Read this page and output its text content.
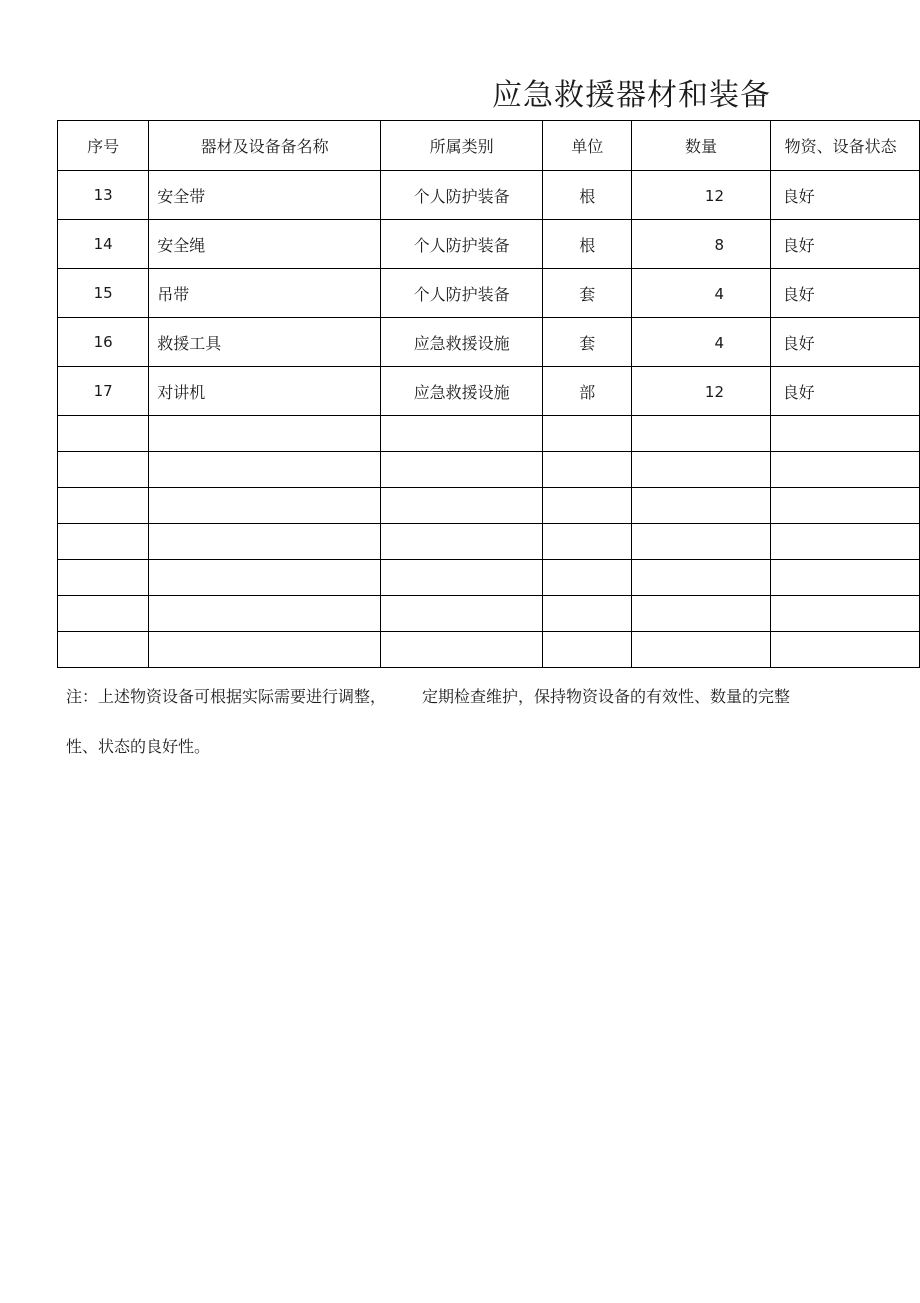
应急救援器材和装备
序号	器材及设备备名称	所属类别	单位	数量	物资、设备状态
13	安全带	个人防护装备	根	12	良好
14	安全绳	个人防护装备	根	8	良好
15	吊带	个人防护装备	套	4	良好
16	救援工具	应急救援设施	套	4	良好
17	对讲机	应急救援设施	部	12	良好

注：上述物资设备可根据实际需要进行调整， 定期检查维护，保持物资设备的有效性、数量的完整
性、状态的良好性。
